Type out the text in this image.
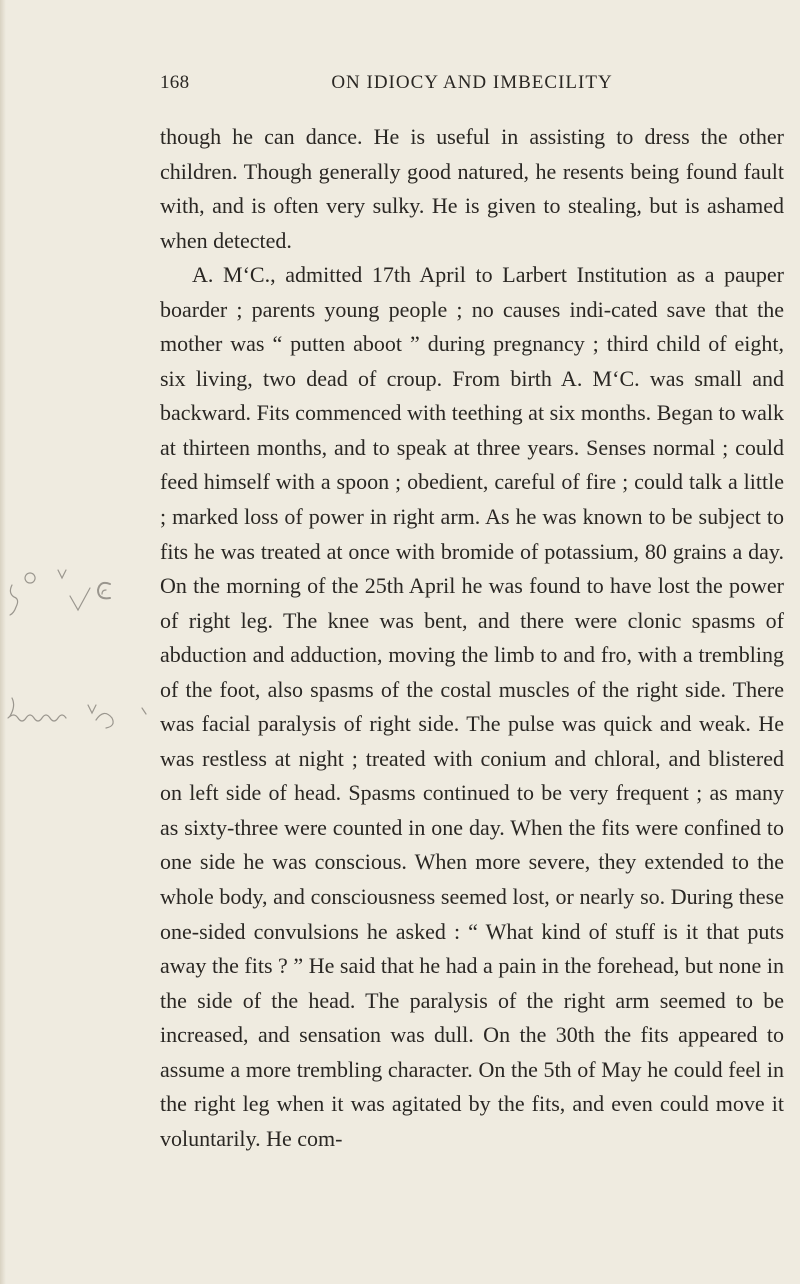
168	ON IDIOCY AND IMBECILITY

though he can dance. He is useful in assisting to dress the other children. Though generally good natured, he resents being found fault with, and is often very sulky. He is given to stealing, but is ashamed when detected.

A. M‘C., admitted 17th April to Larbert Institution as a pauper boarder ; parents young people ; no causes indi-cated save that the mother was “ putten aboot ” during pregnancy ; third child of eight, six living, two dead of croup. From birth A. M‘C. was small and backward. Fits commenced with teething at six months. Began to walk at thirteen months, and to speak at three years. Senses normal ; could feed himself with a spoon ; obedient, careful of fire ; could talk a little ; marked loss of power in right arm. As he was known to be subject to fits he was treated at once with bromide of potassium, 80 grains a day. On the morning of the 25th April he was found to have lost the power of right leg. The knee was bent, and there were clonic spasms of abduction and adduction, moving the limb to and fro, with a trembling of the foot, also spasms of the costal muscles of the right side. There was facial paralysis of right side. The pulse was quick and weak. He was restless at night ; treated with conium and chloral, and blistered on left side of head. Spasms continued to be very frequent ; as many as sixty-three were counted in one day. When the fits were confined to one side he was conscious. When more severe, they extended to the whole body, and consciousness seemed lost, or nearly so. During these one-sided convulsions he asked : “ What kind of stuff is it that puts away the fits ? ” He said that he had a pain in the forehead, but none in the side of the head. The paralysis of the right arm seemed to be increased, and sensation was dull. On the 30th the fits appeared to assume a more trembling character. On the 5th of May he could feel in the right leg when it was agitated by the fits, and even could move it voluntarily. He com-
